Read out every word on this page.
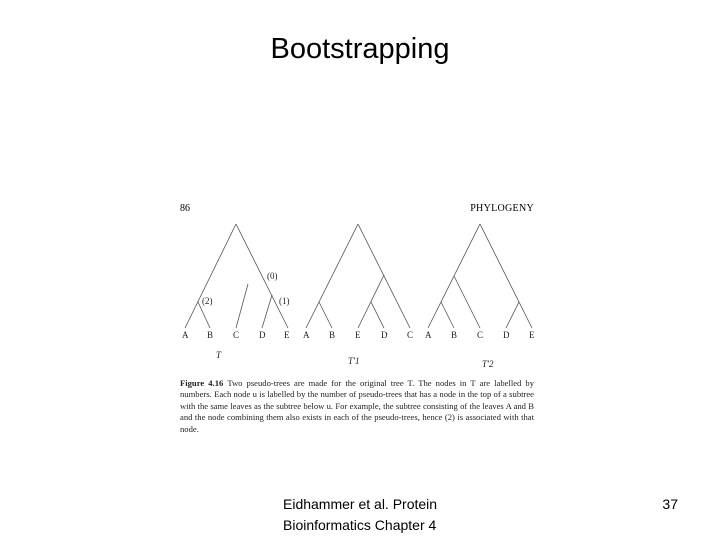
Bootstrapping
86	PHYLOGENY
(0)
(2)	(1)
A B C D E
T
A B E D C
T′1
A B C D E
T′2
Figure 4.16 Two pseudo-trees are made for the original tree T. The nodes in T are labelled by numbers. Each node u is labelled by the number of pseudo-trees that has a node in the top of a subtree with the same leaves as the subtree below u. For example, the subtree consisting of the leaves A and B and the node combining them also exists in each of the pseudo-trees, hence (2) is associated with that node.
Eidhammer et al. Protein
Bioinformatics Chapter 4
37
